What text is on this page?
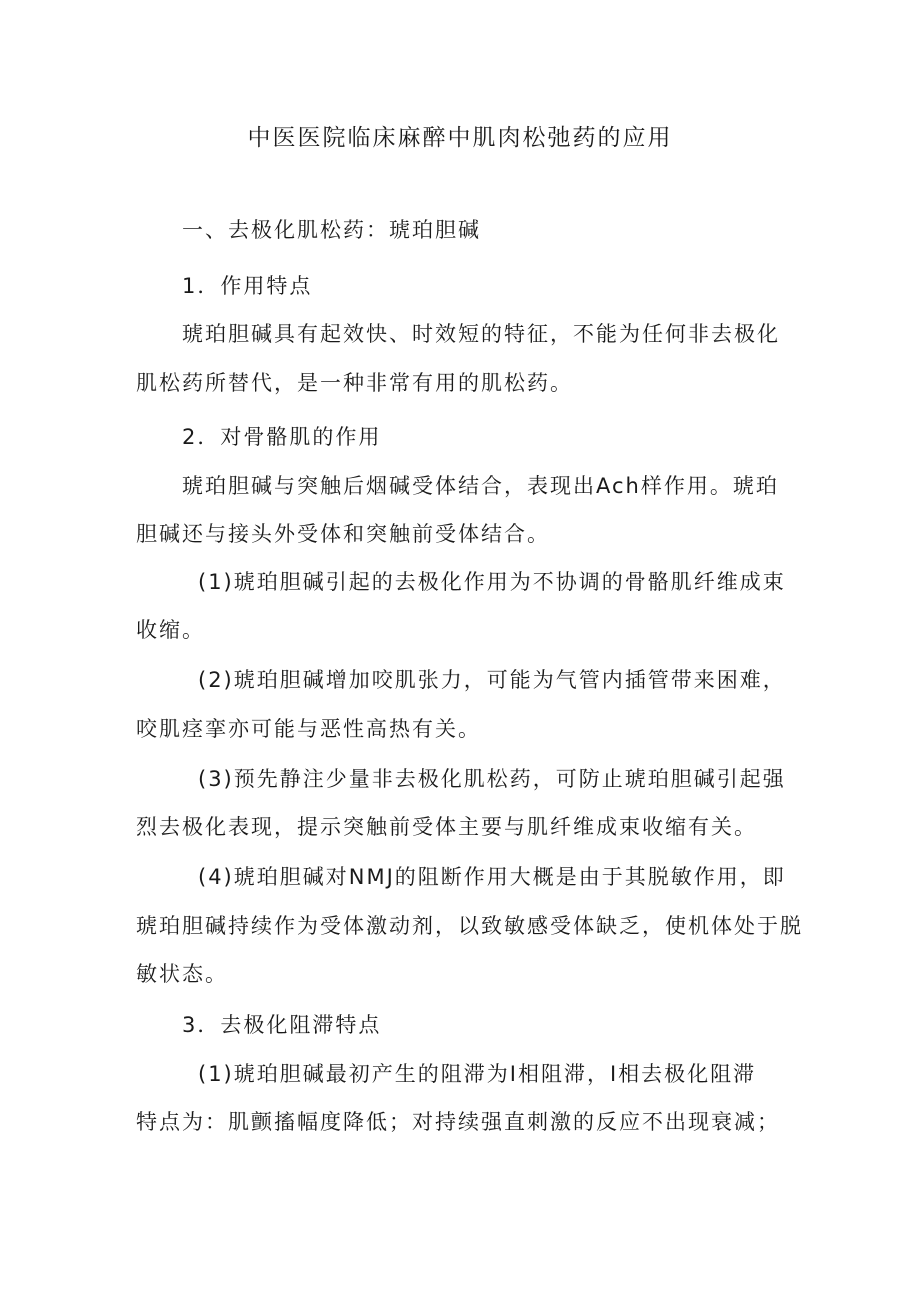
中医医院临床麻醉中肌肉松弛药的应用
一、去极化肌松药：琥珀胆碱
1．作用特点
琥珀胆碱具有起效快、时效短的特征，不能为任何非去极化
肌松药所替代，是一种非常有用的肌松药。
2．对骨骼肌的作用
琥珀胆碱与突触后烟碱受体结合，表现出Ach样作用。琥珀
胆碱还与接头外受体和突触前受体结合。
(1)琥珀胆碱引起的去极化作用为不协调的骨骼肌纤维成束
收缩。
(2)琥珀胆碱增加咬肌张力，可能为气管内插管带来困难，
咬肌痉挛亦可能与恶性高热有关。
(3)预先静注少量非去极化肌松药，可防止琥珀胆碱引起强
烈去极化表现，提示突触前受体主要与肌纤维成束收缩有关。
(4)琥珀胆碱对NMJ的阻断作用大概是由于其脱敏作用，即
琥珀胆碱持续作为受体激动剂，以致敏感受体缺乏，使机体处于脱
敏状态。
3．去极化阻滞特点
(1)琥珀胆碱最初产生的阻滞为Ⅰ相阻滞，Ⅰ相去极化阻滞
特点为：肌颤搐幅度降低；对持续强直刺激的反应不出现衰减；
